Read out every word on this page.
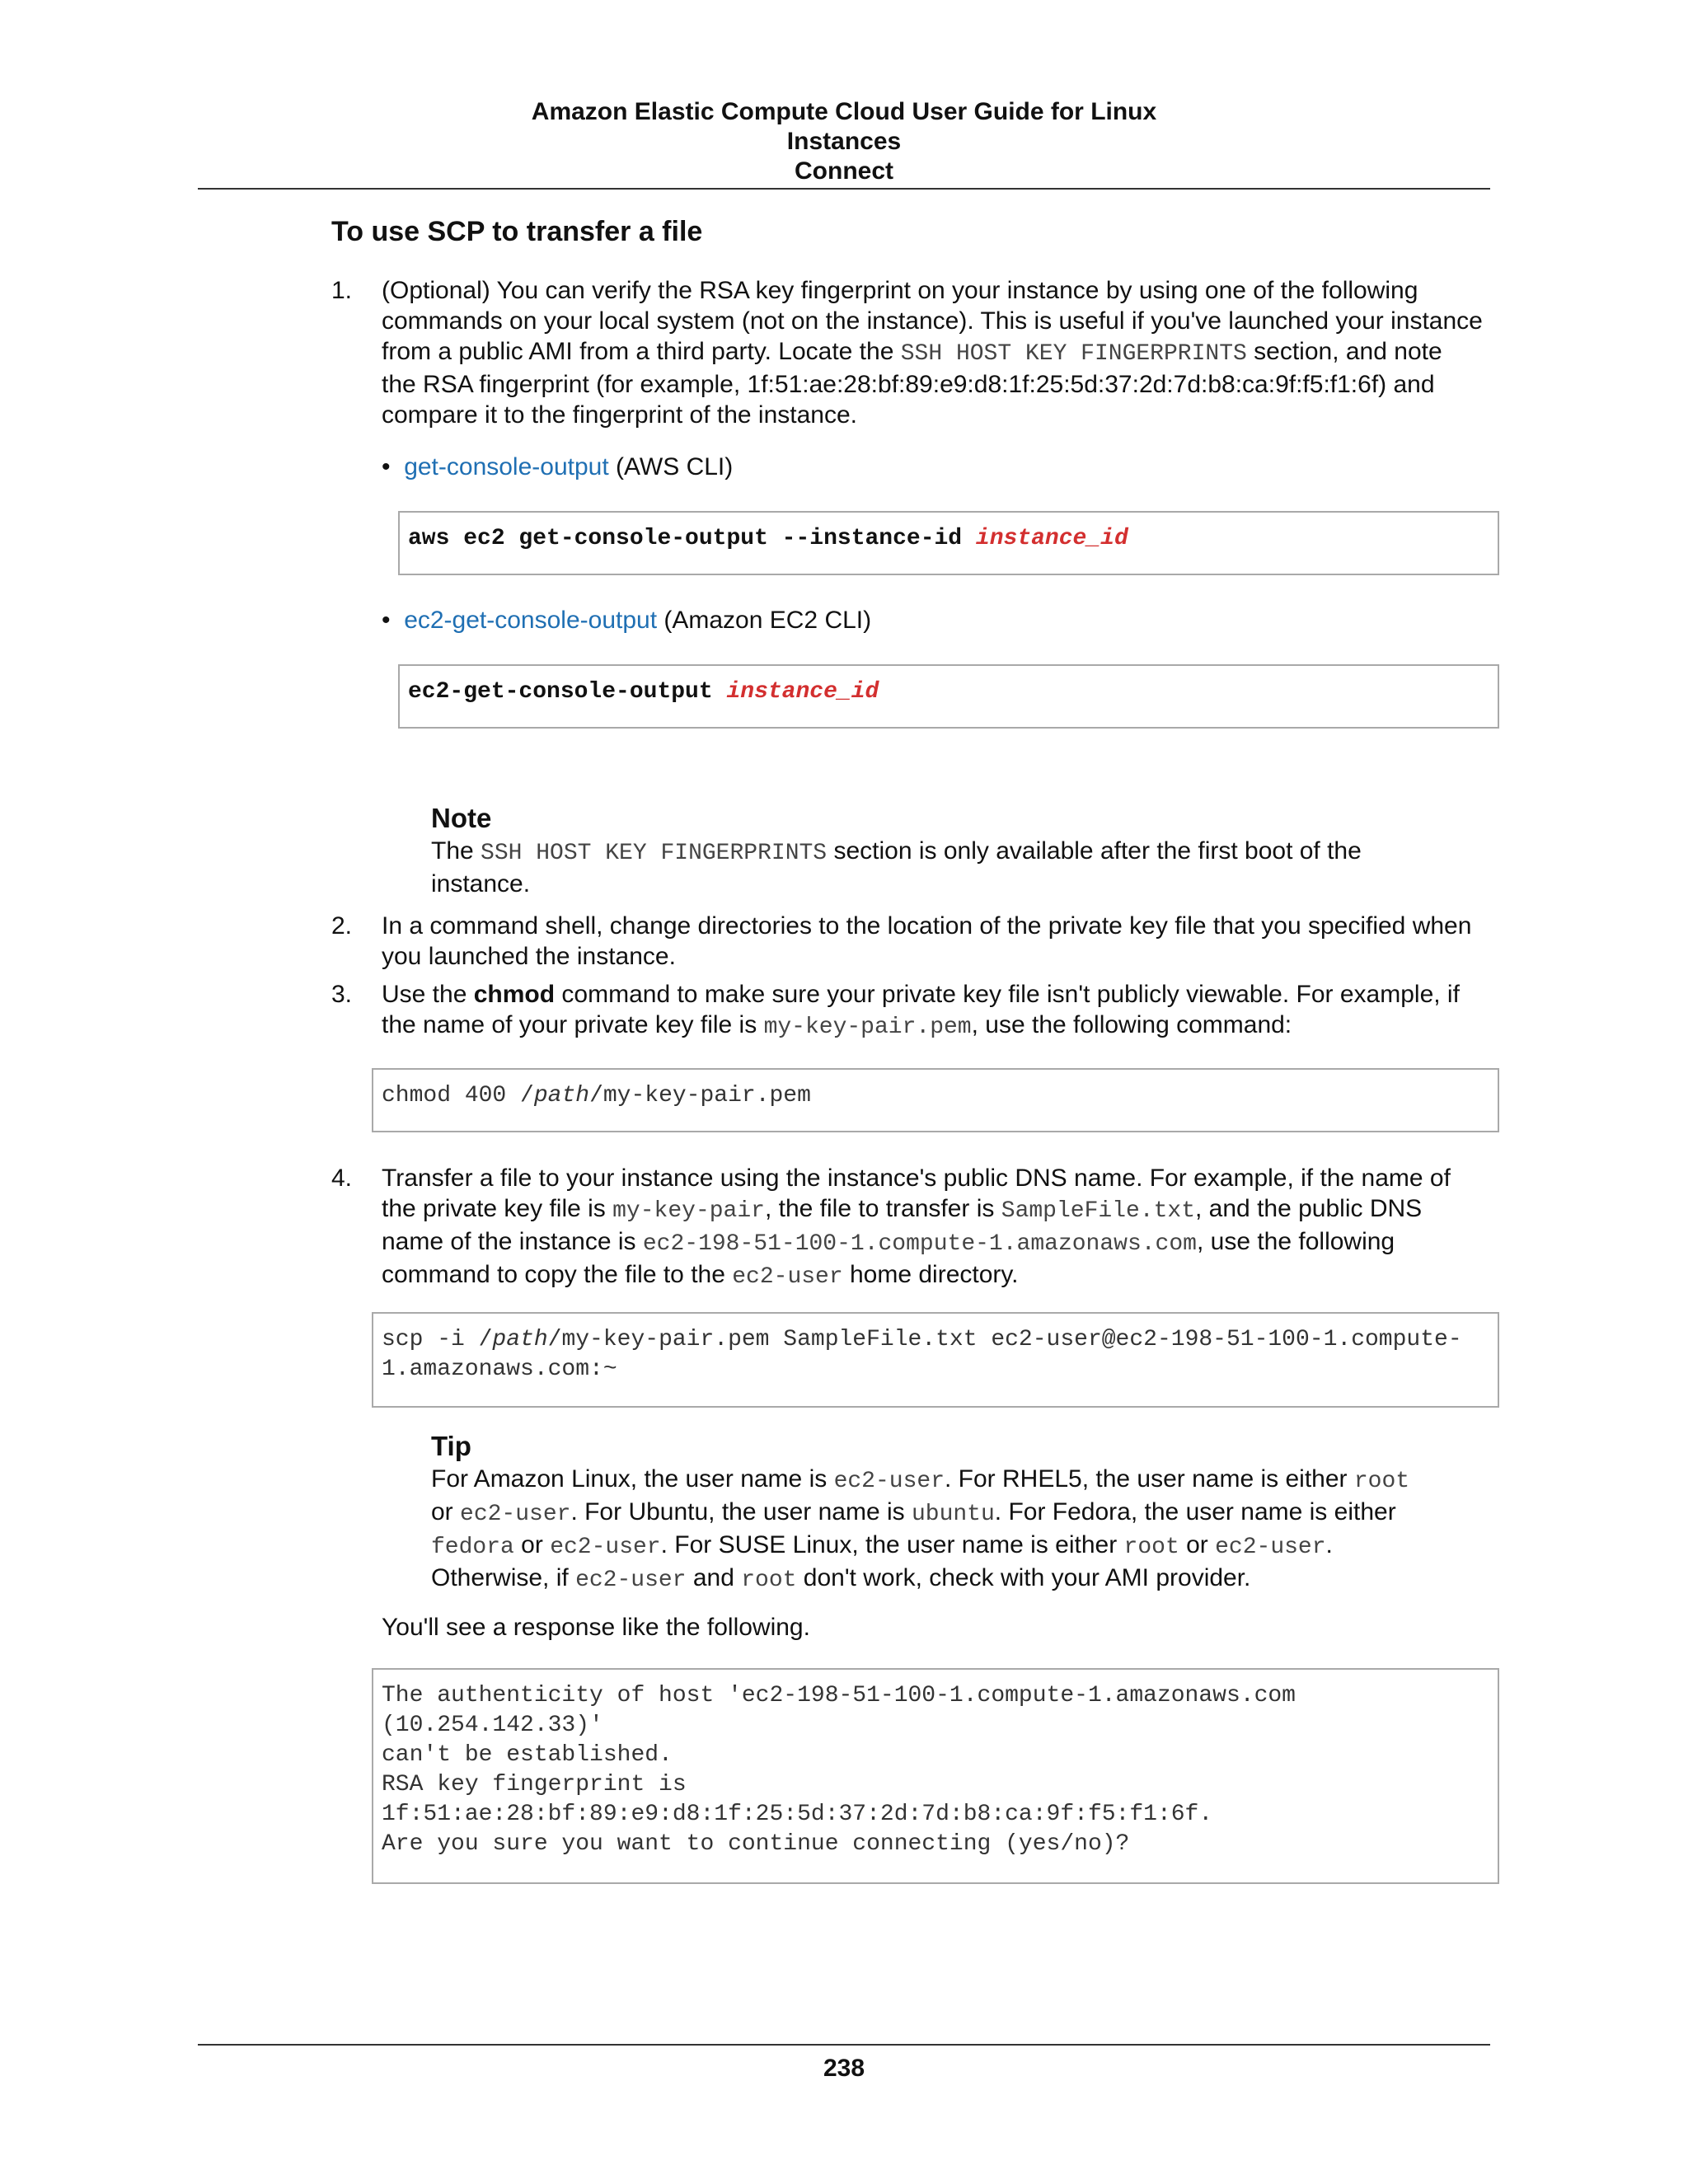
Amazon Elastic Compute Cloud User Guide for Linux
Instances
Connect
To use SCP to transfer a file
1. (Optional) You can verify the RSA key fingerprint on your instance by using one of the following
commands on your local system (not on the instance). This is useful if you've launched your instance
from a public AMI from a third party. Locate the SSH HOST KEY FINGERPRINTS section, and note
the RSA fingerprint (for example, 1f:51:ae:28:bf:89:e9:d8:1f:25:5d:37:2d:7d:b8:ca:9f:f5:f1:6f) and
compare it to the fingerprint of the instance.
•  get-console-output (AWS CLI)
aws ec2 get-console-output --instance-id instance_id
•  ec2-get-console-output (Amazon EC2 CLI)
ec2-get-console-output instance_id
Note
The SSH HOST KEY FINGERPRINTS section is only available after the first boot of the
instance.
2. In a command shell, change directories to the location of the private key file that you specified when
you launched the instance.
3. Use the chmod command to make sure your private key file isn't publicly viewable. For example, if
the name of your private key file is my-key-pair.pem, use the following command:
chmod 400 /path/my-key-pair.pem
4. Transfer a file to your instance using the instance's public DNS name. For example, if the name of
the private key file is my-key-pair, the file to transfer is SampleFile.txt, and the public DNS
name of the instance is ec2-198-51-100-1.compute-1.amazonaws.com, use the following
command to copy the file to the ec2-user home directory.
scp -i /path/my-key-pair.pem SampleFile.txt ec2-user@ec2-198-51-100-1.compute-
1.amazonaws.com:~
Tip
For Amazon Linux, the user name is ec2-user. For RHEL5, the user name is either root
or ec2-user. For Ubuntu, the user name is ubuntu. For Fedora, the user name is either
fedora or ec2-user. For SUSE Linux, the user name is either root or ec2-user.
Otherwise, if ec2-user and root don't work, check with your AMI provider.
You'll see a response like the following.
The authenticity of host 'ec2-198-51-100-1.compute-1.amazonaws.com
(10.254.142.33)'
can't be established.
RSA key fingerprint is
1f:51:ae:28:bf:89:e9:d8:1f:25:5d:37:2d:7d:b8:ca:9f:f5:f1:6f.
Are you sure you want to continue connecting (yes/no)?
238
